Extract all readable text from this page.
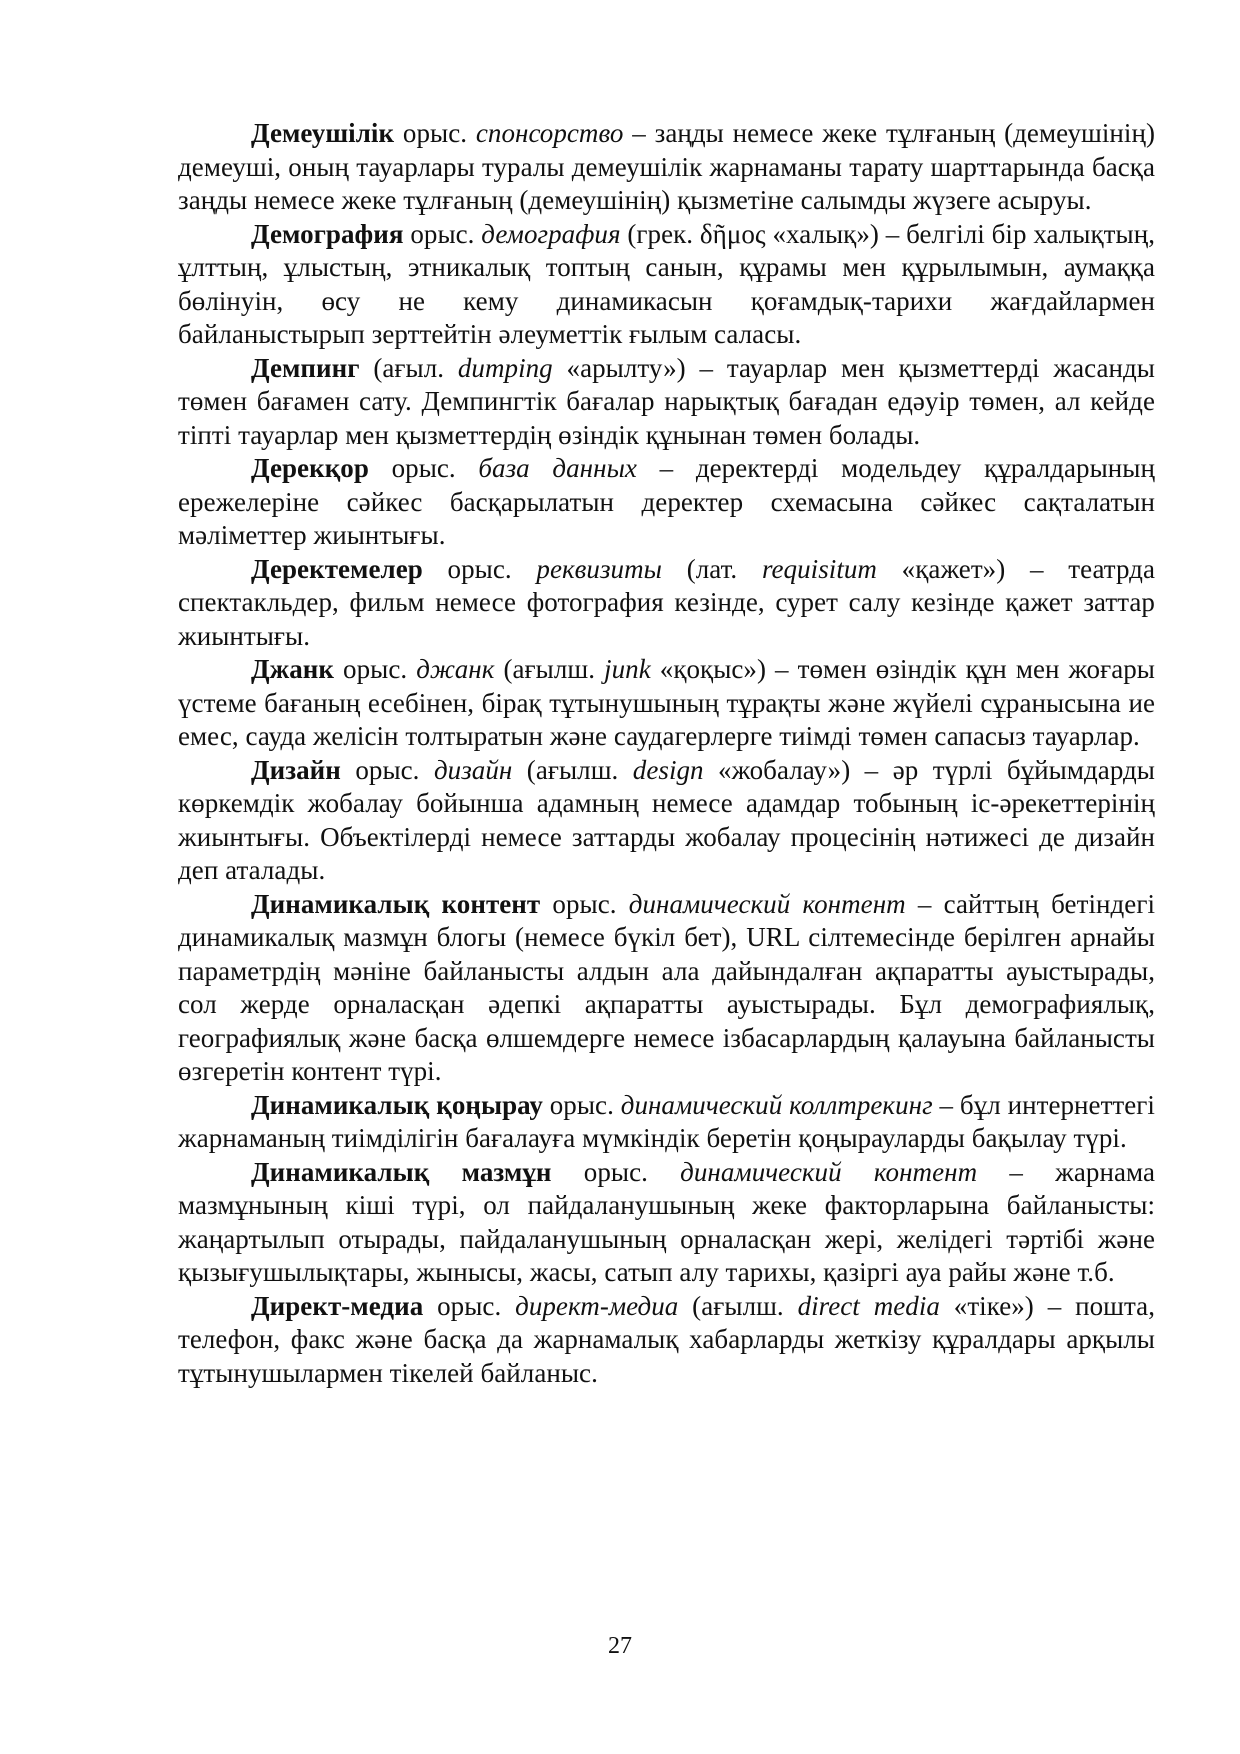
Демеушілік орыс. спонсорство – заңды немесе жеке тұлғаның (демеушінің) демеуші, оның тауарлары туралы демеушілік жарнаманы тарату шарттарында басқа заңды немесе жеке тұлғаның (демеушінің) қызметіне салымды жүзеге асыруы.

Демография орыс. демография (грек. δῆμος «халық») – белгілі бір халықтың, ұлттың, ұлыстың, этникалық топтың санын, құрамы мен құрылымын, аумаққа бөлінуін, өсу не кему динамикасын қоғамдық-тарихи жағдайлармен байланыстырып зерттейтін әлеуметтік ғылым саласы.

Демпинг (ағыл. dumping «арылту») – тауарлар мен қызметтерді жасанды төмен бағамен сату. Демпингтік бағалар нарықтық бағадан едәуір төмен, ал кейде тіпті тауарлар мен қызметтердің өзіндік құнынан төмен болады.

Дерекқор орыс. база данных – деректерді модельдеу құралдарының ережелеріне сәйкес басқарылатын деректер схемасына сәйкес сақталатын мәліметтер жиынтығы.

Деректемелер орыс. реквизиты (лат. requisitum «қажет») – театрда спектакльдер, фильм немесе фотография кезінде, сурет салу кезінде қажет заттар жиынтығы.

Джанк орыс. джанк (ағылш. junk «қоқыс») – төмен өзіндік құн мен жоғары үстеме бағаның есебінен, бірақ тұтынушының тұрақты және жүйелі сұранысына ие емес, сауда желісін толтыратын және саудагерлерге тиімді төмен сапасыз тауарлар.

Дизайн орыс. дизайн (ағылш. design «жобалау») – әр түрлі бұйымдарды көркемдік жобалау бойынша адамның немесе адамдар тобының іс-әрекеттерінің жиынтығы. Объектілерді немесе заттарды жобалау процесінің нәтижесі де дизайн деп аталады.

Динамикалық контент орыс. динамический контент – сайттың бетіндегі динамикалық мазмұн блогы (немесе бүкіл бет), URL сілтемесінде берілген арнайы параметрдің мәніне байланысты алдын ала дайындалған ақпаратты ауыстырады, сол жерде орналасқан әдепкі ақпаратты ауыстырады. Бұл демографиялық, географиялық және басқа өлшемдерге немесе ізбасарлардың қалауына байланысты өзгеретін контент түрі.

Динамикалық қоңырау орыс. динамический коллтрекинг – бұл интернеттегі жарнаманың тиімділігін бағалауға мүмкіндік беретін қоңырауларды бақылау түрі.

Динамикалық мазмұн орыс. динамический контент – жарнама мазмұнының кіші түрі, ол пайдаланушының жеке факторларына байланысты: жаңартылып отырады, пайдаланушының орналасқан жері, желідегі тәртібі және қызығушылықтары, жынысы, жасы, сатып алу тарихы, қазіргі ауа райы және т.б.

Директ-медиа орыс. директ-медиа (ағылш. direct media «тіке») – пошта, телефон, факс және басқа да жарнамалық хабарларды жеткізу құралдары арқылы тұтынушылармен тікелей байланыс.

27
